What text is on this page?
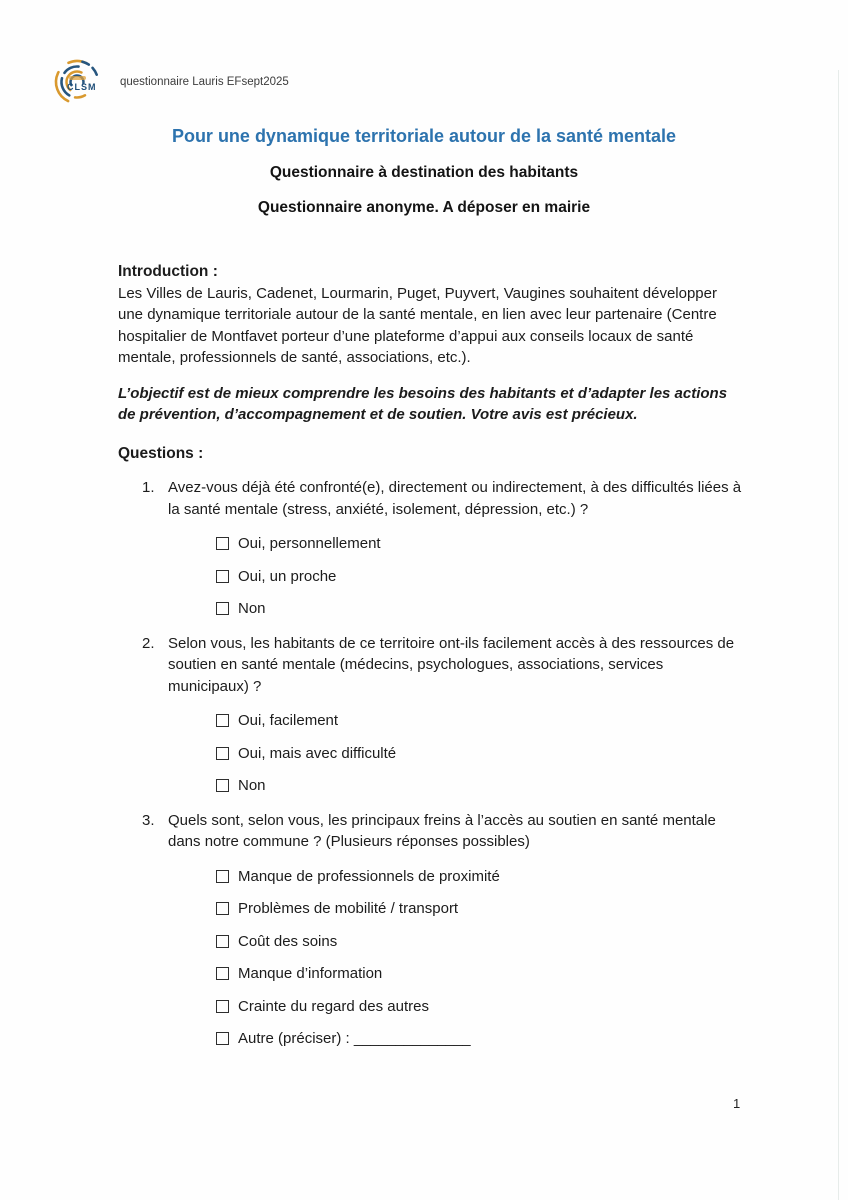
CLSM questionnaire Lauris EFsept2025
Pour une dynamique territoriale autour de la santé mentale
Questionnaire à destination des habitants
Questionnaire anonyme. A déposer en mairie

Introduction :

Les Villes de Lauris, Cadenet, Lourmarin, Puget, Puyvert, Vaugines souhaitent développer une dynamique territoriale autour de la santé mentale, en lien avec leur partenaire (Centre hospitalier de Montfavet porteur d’une plateforme d’appui aux conseils locaux de santé mentale, professionnels de santé, associations, etc.).

L’objectif est de mieux comprendre les besoins des habitants et d’adapter les actions de prévention, d’accompagnement et de soutien. Votre avis est précieux.

Questions :

1. Avez-vous déjà été confronté(e), directement ou indirectement, à des difficultés liées à la santé mentale (stress, anxiété, isolement, dépression, etc.) ?
Oui, personnellement
Oui, un proche
Non
2. Selon vous, les habitants de ce territoire ont-ils facilement accès à des ressources de soutien en santé mentale (médecins, psychologues, associations, services municipaux) ?
Oui, facilement
Oui, mais avec difficulté
Non
3. Quels sont, selon vous, les principaux freins à l’accès au soutien en santé mentale dans notre commune ? (Plusieurs réponses possibles)
Manque de professionnels de proximité
Problèmes de mobilité / transport
Coût des soins
Manque d’information
Crainte du regard des autres
Autre (préciser) : ______________
1
